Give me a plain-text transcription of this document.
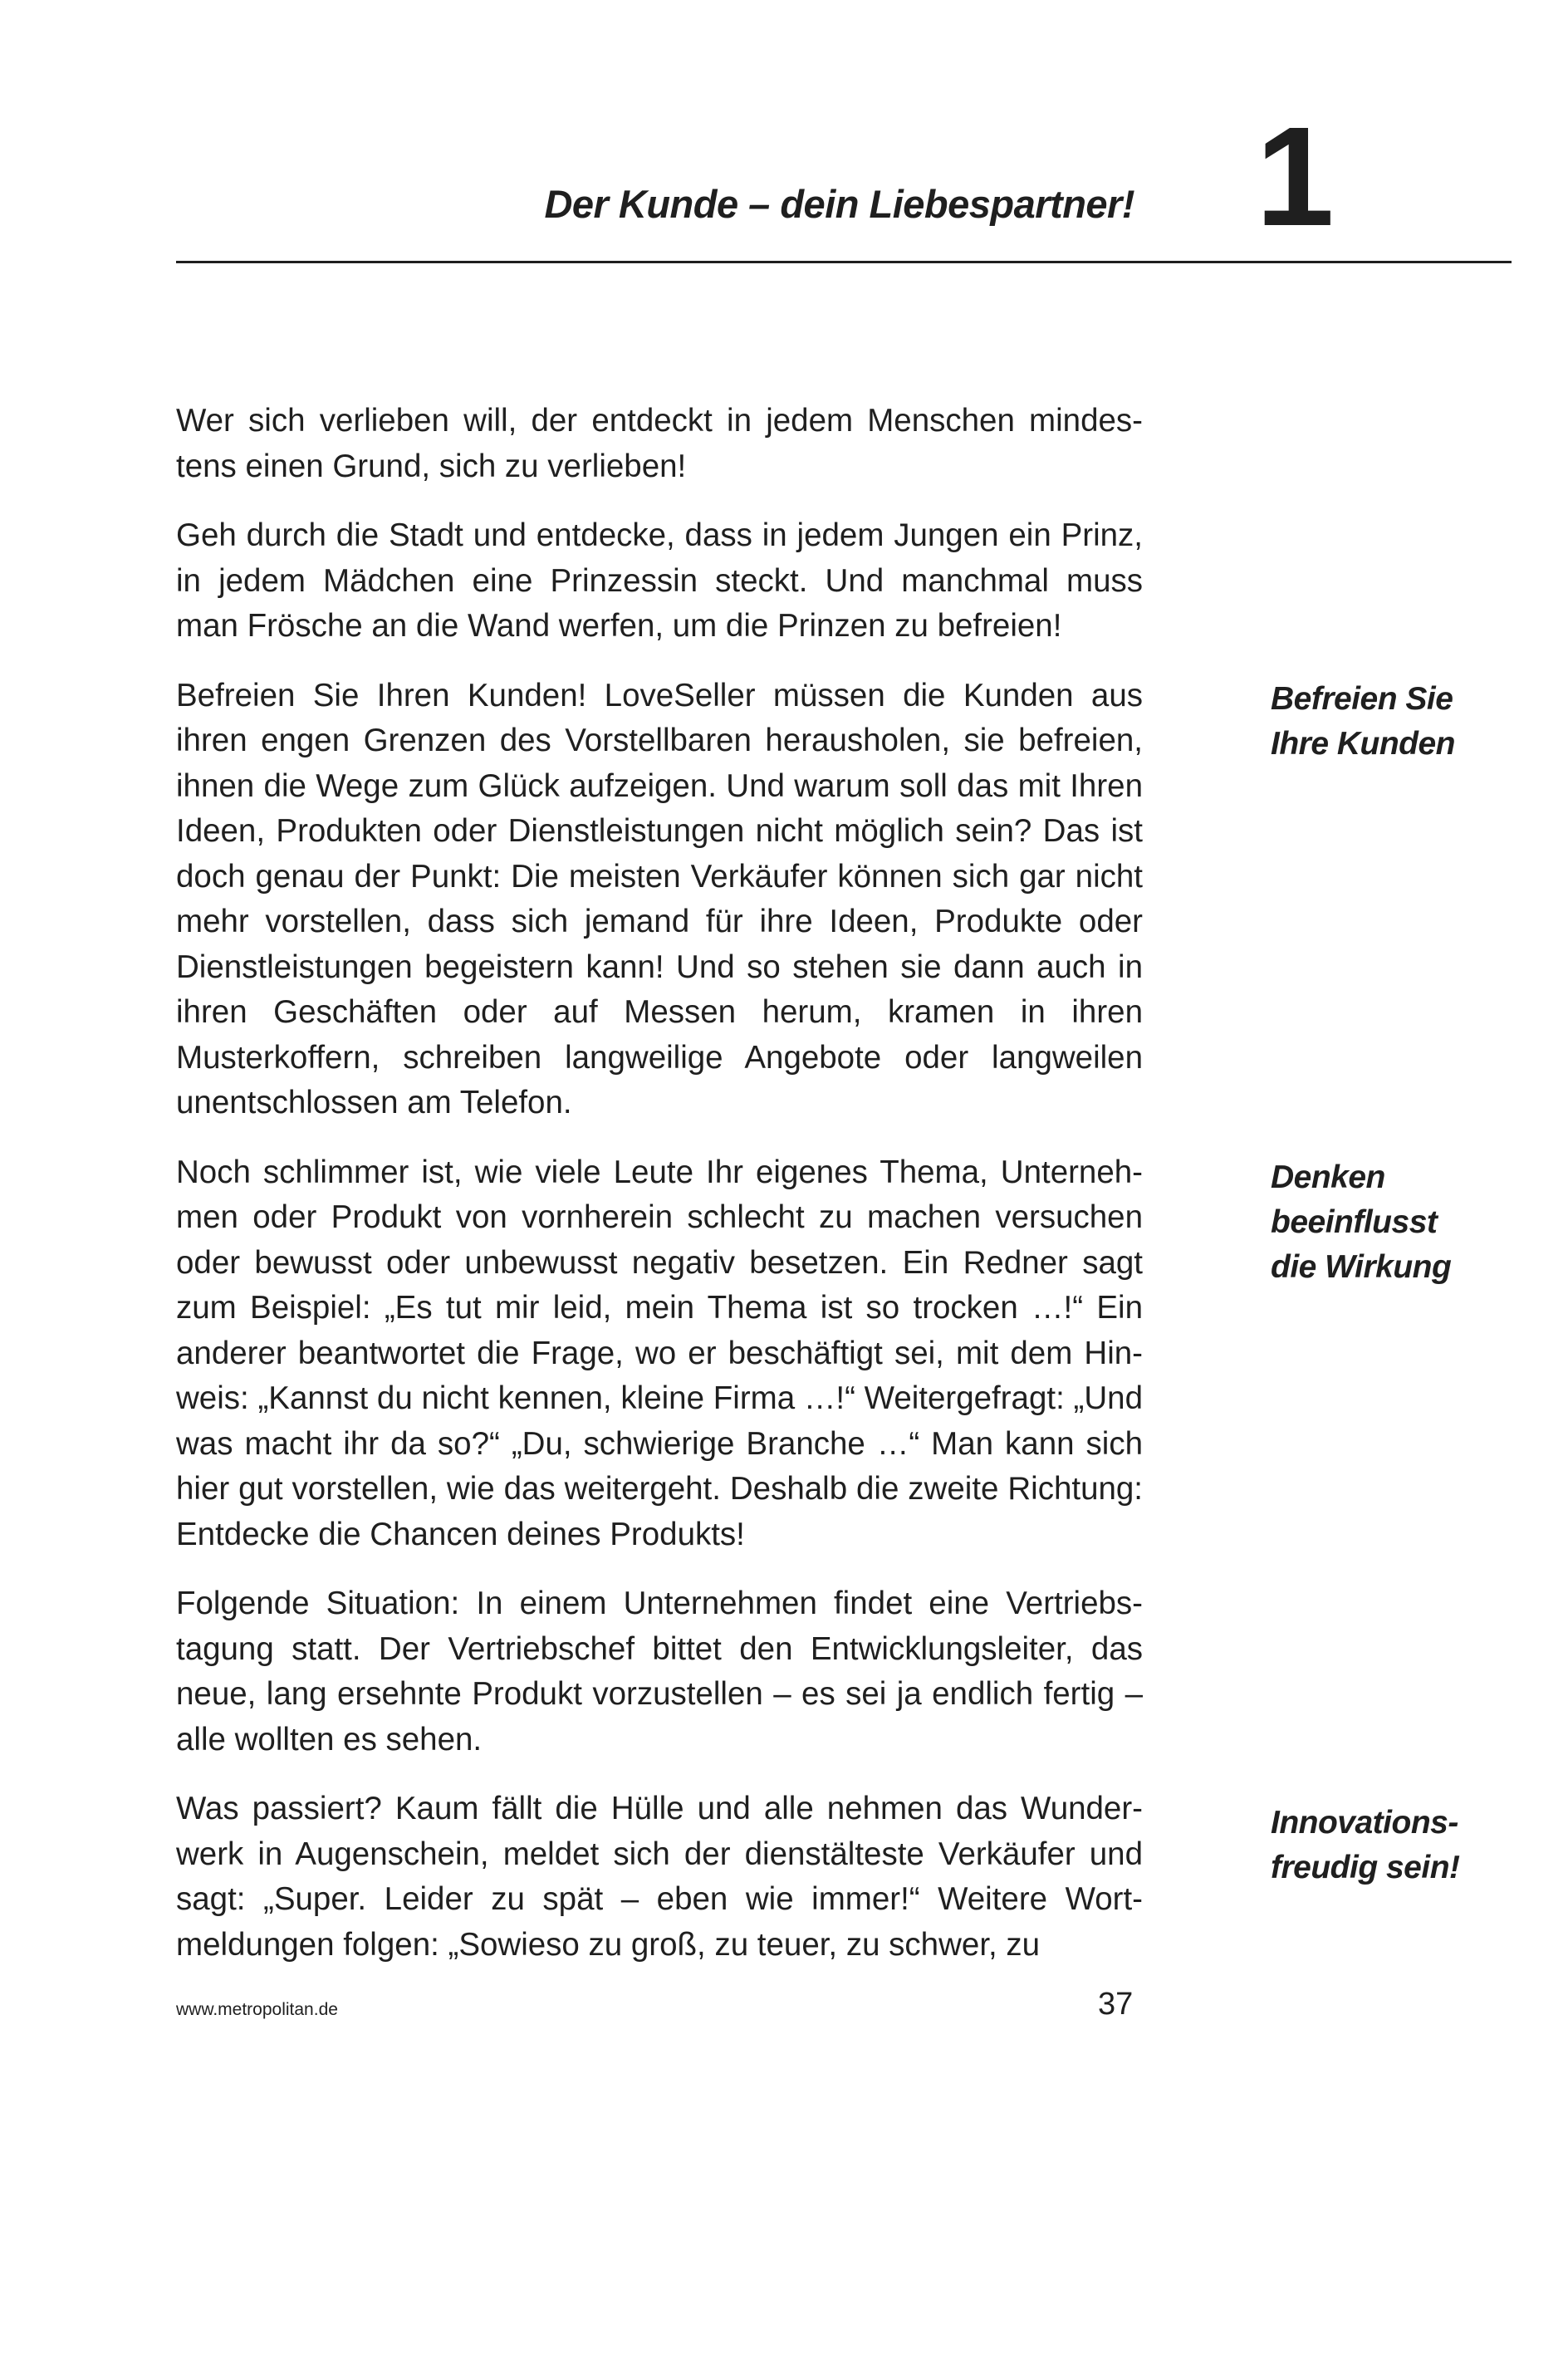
Der Kunde – dein Liebespartner! 1

Wer sich verlieben will, der entdeckt in jedem Menschen mindestens einen Grund, sich zu verlieben!

Geh durch die Stadt und entdecke, dass in jedem Jungen ein Prinz, in jedem Mädchen eine Prinzessin steckt. Und manchmal muss man Frösche an die Wand werfen, um die Prinzen zu befreien!

Befreien Sie Ihren Kunden! LoveSeller müssen die Kunden aus ihren engen Grenzen des Vorstellbaren herausholen, sie befreien, ihnen die Wege zum Glück aufzeigen. Und warum soll das mit Ihren Ideen, Produkten oder Dienstleistungen nicht möglich sein? Das ist doch genau der Punkt: Die meisten Verkäufer können sich gar nicht mehr vorstellen, dass sich jemand für ihre Ideen, Produkte oder Dienstleistungen begeistern kann! Und so stehen sie dann auch in ihren Geschäften oder auf Messen herum, kramen in ihren Musterkoffern, schreiben langweilige Angebote oder langweilen unentschlossen am Telefon.

Noch schlimmer ist, wie viele Leute Ihr eigenes Thema, Unternehmen oder Produkt von vornherein schlecht zu machen versuchen oder bewusst oder unbewusst negativ besetzen. Ein Redner sagt zum Beispiel: „Es tut mir leid, mein Thema ist so trocken …!“ Ein anderer beantwortet die Frage, wo er beschäftigt sei, mit dem Hinweis: „Kannst du nicht kennen, kleine Firma …!“ Weitergefragt: „Und was macht ihr da so?“ „Du, schwierige Branche …“ Man kann sich hier gut vorstellen, wie das weitergeht. Deshalb die zweite Richtung: Entdecke die Chancen deines Produkts!

Folgende Situation: In einem Unternehmen findet eine Vertriebstagung statt. Der Vertriebschef bittet den Entwicklungsleiter, das neue, lang ersehnte Produkt vorzustellen – es sei ja endlich fertig – alle wollten es sehen.

Was passiert? Kaum fällt die Hülle und alle nehmen das Wunderwerk in Augenschein, meldet sich der dienstälteste Verkäufer und sagt: „Super. Leider zu spät – eben wie immer!“ Weitere Wortmeldungen folgen: „Sowieso zu groß, zu teuer, zu schwer, zu

Befreien Sie
Ihre Kunden
Denken
beeinflusst
die Wirkung
Innovations-
freudig sein!
www.metropolitan.de	37
